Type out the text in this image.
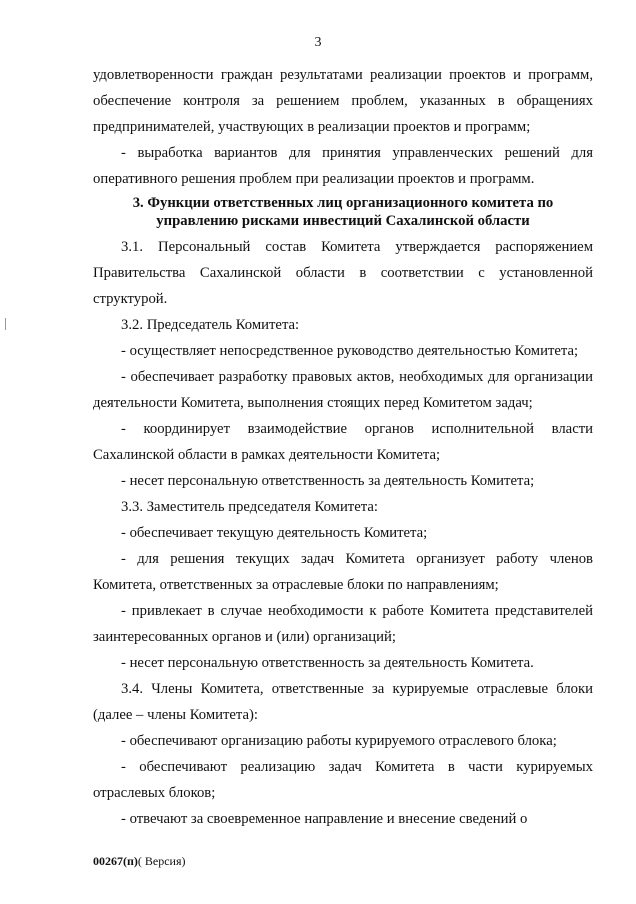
3

удовлетворенности граждан результатами реализации проектов и программ, обеспечение контроля за решением проблем, указанных в обращениях предпринимателей, участвующих в реализации проектов и программ;

- выработка вариантов для принятия управленческих решений для оперативного решения проблем при реализации проектов и программ.

3. Функции ответственных лиц организационного комитета по управлению рисками инвестиций Сахалинской области

3.1. Персональный состав Комитета утверждается распоряжением Правительства Сахалинской области в соответствии с установленной структурой.

3.2. Председатель Комитета:

- осуществляет непосредственное руководство деятельностью Комитета;

- обеспечивает разработку правовых актов, необходимых для организации деятельности Комитета, выполнения стоящих перед Комитетом задач;

- координирует взаимодействие органов исполнительной власти Сахалинской области в рамках деятельности Комитета;

- несет персональную ответственность за деятельность Комитета;

3.3. Заместитель председателя Комитета:

- обеспечивает текущую деятельность Комитета;

- для решения текущих задач Комитета организует работу членов Комитета, ответственных за отраслевые блоки по направлениям;

- привлекает в случае необходимости к работе Комитета представителей заинтересованных органов и (или) организаций;

- несет персональную ответственность за деятельность Комитета.

3.4. Члены Комитета, ответственные за курируемые отраслевые блоки (далее – члены Комитета):

- обеспечивают организацию работы курируемого отраслевого блока;

- обеспечивают реализацию задач Комитета в части курируемых отраслевых блоков;

- отвечают за своевременное направление и внесение сведений о

00267(п)( Версия)
